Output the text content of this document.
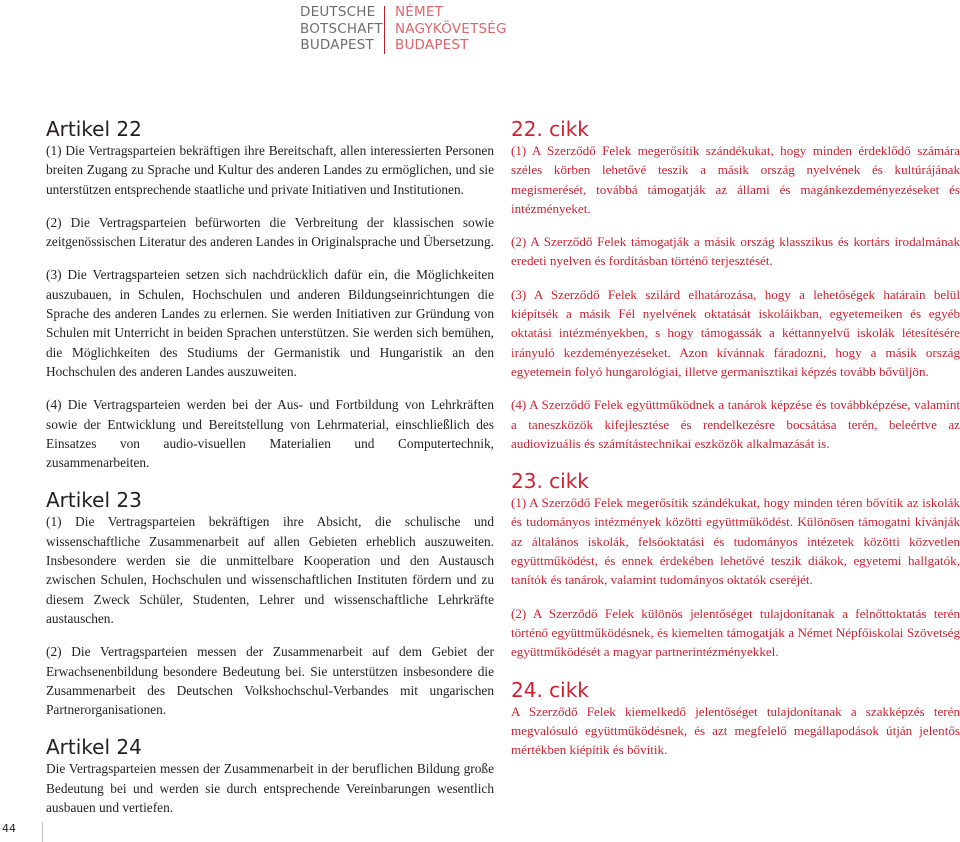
DEUTSCHE
BOTSCHAFT
BUDAPEST
NÉMET
NAGYKÖVETSÉG
BUDAPEST
Artikel 22

(1) Die Vertragsparteien bekräftigen ihre Bereitschaft, allen interessierten Personen breiten Zugang zu Sprache und Kultur des anderen Landes zu ermöglichen, und sie unterstützen entsprechende staatliche und private Initiativen und Institutionen.

(2) Die Vertragsparteien befürworten die Verbreitung der klassischen sowie zeitgenössischen Literatur des anderen Landes in Originalsprache und Übersetzung.

(3) Die Vertragsparteien setzen sich nachdrücklich dafür ein, die Möglichkeiten auszubauen, in Schulen, Hochschulen und anderen Bildungseinrichtungen die Sprache des anderen Landes zu erlernen. Sie werden Initiativen zur Gründung von Schulen mit Unterricht in beiden Sprachen unterstützen. Sie werden sich bemühen, die Möglichkeiten des Studiums der Germanistik und Hungaristik an den Hochschulen des anderen Landes auszuweiten.

(4) Die Vertragsparteien werden bei der Aus- und Fortbildung von Lehrkräften sowie der Entwicklung und Bereitstellung von Lehrmaterial, einschließlich des Einsatzes von audio-visuellen Materialien und Computertechnik, zusammenarbeiten.

Artikel 23

(1) Die Vertragsparteien bekräftigen ihre Absicht, die schulische und wissenschaftliche Zusammenarbeit auf allen Gebieten erheblich auszuweiten. Insbesondere werden sie die unmittelbare Kooperation und den Austausch zwischen Schulen, Hochschulen und wissenschaftlichen Instituten fördern und zu diesem Zweck Schüler, Studenten, Lehrer und wissenschaftliche Lehrkräfte austauschen.

(2) Die Vertragsparteien messen der Zusammenarbeit auf dem Gebiet der Erwachsenenbildung besondere Bedeutung bei. Sie unterstützen insbesondere die Zusammenarbeit des Deutschen Volkshochschul-Verbandes mit ungarischen Partnerorganisationen.

Artikel 24

Die Vertragsparteien messen der Zusammenarbeit in der beruflichen Bildung große Bedeutung bei und werden sie durch entsprechende Vereinbarungen wesentlich ausbauen und vertiefen.

22. cikk

(1) A Szerződő Felek megerősítik szándékukat, hogy minden érdeklődő számára széles körben lehetővé teszik a másik ország nyelvének és kultúrájának megismerését, továbbá támogatják az állami és magánkezdeményezéseket és intézményeket.

(2) A Szerződő Felek támogatják a másik ország klasszikus és kortárs irodalmának eredeti nyelven és fordításban történő terjesztését.

(3) A Szerződő Felek szilárd elhatározása, hogy a lehetőségek határain belül kiépítsék a másik Fél nyelvének oktatását iskoláikban, egyetemeiken és egyéb oktatási intézményekben, s hogy támogassák a kéttannyelvű iskolák létesítésére irányuló kezdeményezéseket. Azon kívánnak fáradozni, hogy a másik ország egyetemein folyó hungarológiai, illetve germanisztikai képzés tovább bővüljön.

(4) A Szerződő Felek együttműködnek a tanárok képzése és továbbképzése, valamint a taneszközök kifejlesztése és rendelkezésre bocsátása terén, beleértve az audiovizuális és számítástechnikai eszközök alkalmazását is.

23. cikk

(1) A Szerződő Felek megerősítik szándékukat, hogy minden téren bővítik az iskolák és tudományos intézmények közötti együttműködést. Különösen támogatni kívánják az általános iskolák, felsőoktatási és tudományos intézetek közötti közvetlen együttműködést, és ennek érdekében lehetővé teszik diákok, egyetemi hallgatók, tanítók és tanárok, valamint tudományos oktatók cseréjét.

(2) A Szerződő Felek különös jelentőséget tulajdonítanak a felnőttoktatás terén történő együttműködésnek, és kiemelten támogatják a Német Népfőiskolai Szövetség együttműködését a magyar partnerintézményekkel.

24. cikk

A Szerződő Felek kiemelkedő jelentőséget tulajdonítanak a szakképzés terén megvalósuló együttműködésnek, és azt megfelelő megállapodások útján jelentős mértékben kiépítik és bővítik.

44
